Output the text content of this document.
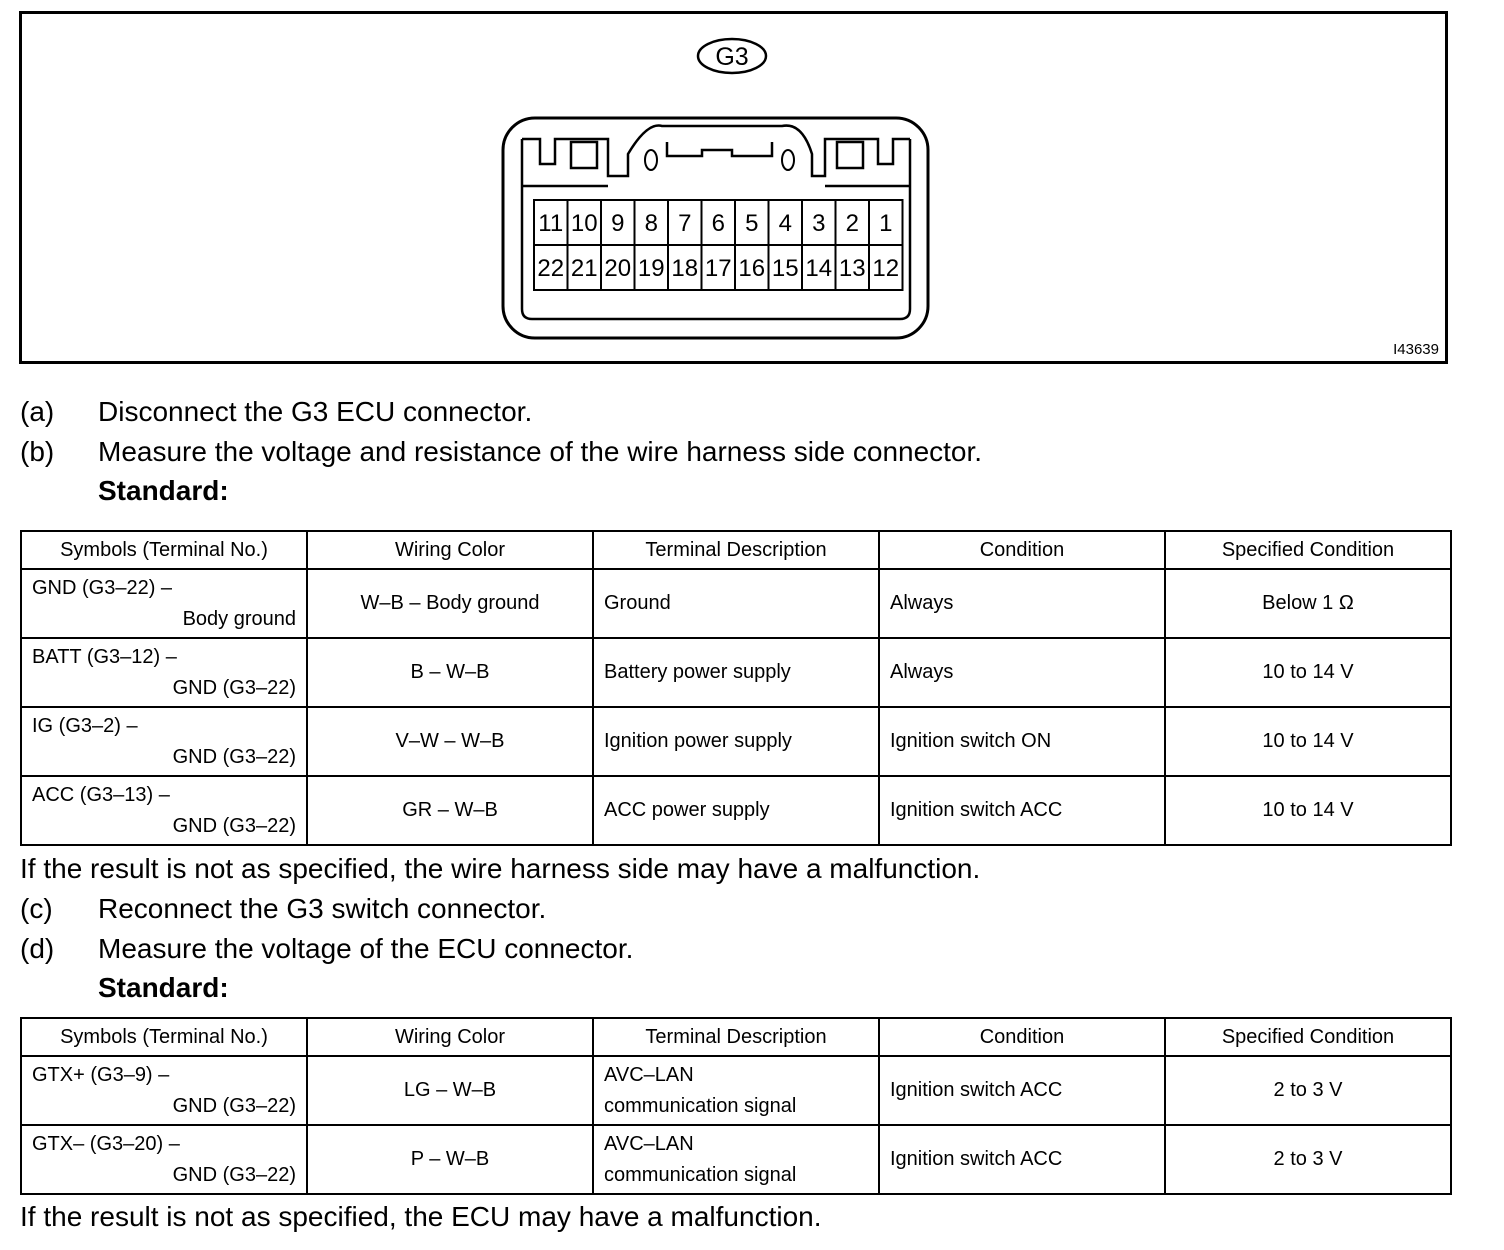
G3
11 10 9 8 7 6 5 4 3 2 1
22 21 20 19 18 17 16 15 14 13 12
I43639
(a) Disconnect the G3 ECU connector.
(b) Measure the voltage and resistance of the wire harness side connector.
Standard:
Symbols (Terminal No.)	Wiring Color	Terminal Description	Condition	Specified Condition

GND (G3–22) –
Body ground	W–B – Body ground	Ground	Always	Below 1 Ω

BATT (G3–12) –
GND (G3–22)	B – W–B	Battery power supply	Always	10 to 14 V

IG (G3–2) –
GND (G3–22)	V–W – W–B	Ignition power supply	Ignition switch ON	10 to 14 V

ACC (G3–13) –
GND (G3–22)	GR – W–B	ACC power supply	Ignition switch ACC	10 to 14 V
If the result is not as specified, the wire harness side may have a malfunction.
(c) Reconnect the G3 switch connector.
(d) Measure the voltage of the ECU connector.
Standard:
Symbols (Terminal No.)	Wiring Color	Terminal Description	Condition	Specified Condition

GTX+ (G3–9) –
GND (G3–22)	LG – W–B	AVC–LAN
communication signal	Ignition switch ACC	2 to 3 V

GTX– (G3–20) –
GND (G3–22)	P – W–B	AVC–LAN
communication signal	Ignition switch ACC	2 to 3 V
If the result is not as specified, the ECU may have a malfunction.
